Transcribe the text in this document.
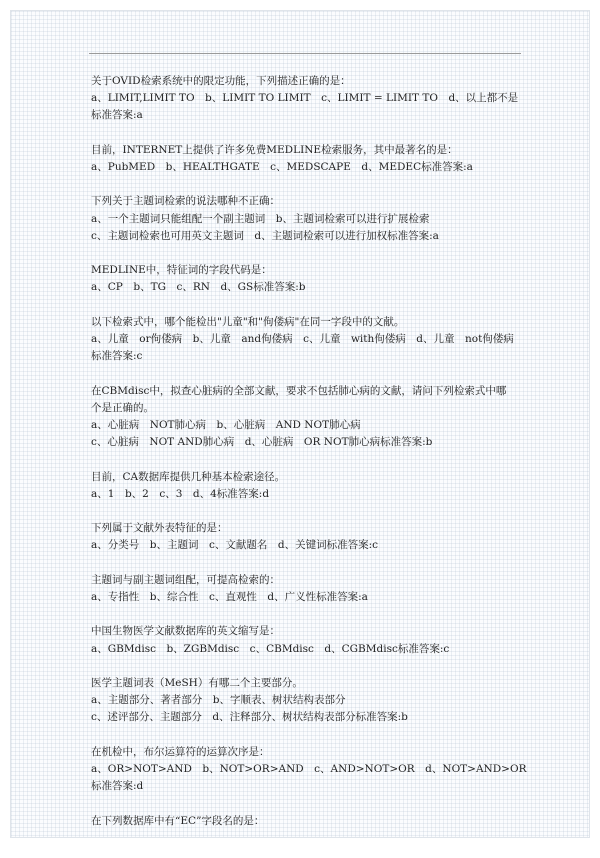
关于OVID检索系统中的限定功能，下列描述正确的是：
a、LIMIT,LIMIT TO　b、LIMIT TO LIMIT　c、LIMIT = LIMIT TO　d、以上都不是
标准答案:a
目前，INTERNET上提供了许多免费MEDLINE检索服务，其中最著名的是：
a、PubMED　b、HEALTHGATE　c、MEDSCAPE　d、MEDEC标准答案:a
下列关于主题词检索的说法哪种不正确：
a、一个主题词只能组配一个副主题词　b、主题词检索可以进行扩展检索
c、主题词检索也可用英文主题词　d、主题词检索可以进行加权标准答案:a
MEDLINE中，特征词的字段代码是：
a、CP　b、TG　c、RN　d、GS标准答案:b
以下检索式中，哪个能检出"儿童"和"佝偻病"在同一字段中的文献。
a、儿童　or佝偻病　b、儿童　and佝偻病　c、儿童　with佝偻病　d、儿童　not佝偻病
标准答案:c
在CBMdisc中，拟查心脏病的全部文献，要求不包括肺心病的文献，请问下列检索式中哪
个是正确的。
a、心脏病　NOT肺心病　b、心脏病　AND NOT肺心病
c、心脏病　NOT AND肺心病　d、心脏病　OR NOT肺心病标准答案:b
目前，CA数据库提供几种基本检索途径。
a、1　b、2　c、3　d、4标准答案:d
下列属于文献外表特征的是：
a、分类号　b、主题词　c、文献题名　d、关键词标准答案:c
主题词与副主题词组配，可提高检索的：
a、专指性　b、综合性　c、直观性　d、广义性标准答案:a
中国生物医学文献数据库的英文缩写是：
a、GBMdisc　b、ZGBMdisc　c、CBMdisc　d、CGBMdisc标准答案:c
医学主题词表（MeSH）有哪二个主要部分。
a、主题部分、著者部分　b、字顺表、树状结构表部分
c、述评部分、主题部分　d、注释部分、树状结构表部分标准答案:b
在机检中，布尔运算符的运算次序是：
a、OR>NOT>AND　b、NOT>OR>AND　c、AND>NOT>OR　d、NOT>AND>OR
标准答案:d
在下列数据库中有“EC”字段名的是：
